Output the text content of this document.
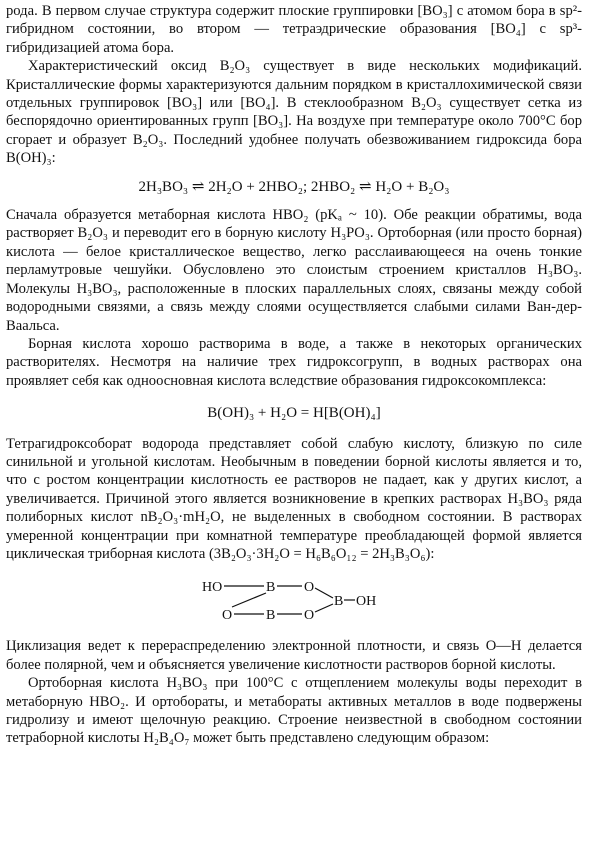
рода. В первом случае структура содержит плоские группировки [BO₃] с атомом бора в sp²-гибридном состоянии, во втором — тетраэдрические образования [BO₄] с sp³-гибридизацией атома бора.

Характеристический оксид B₂O₃ существует в виде нескольких модификаций. Кристаллические формы характеризуются дальним порядком в кристаллохимической связи отдельных группировок [BO₃] или [BO₄]. В стеклообразном B₂O₃ существует сетка из беспорядочно ориентированных групп [BO₃]. На воздухе при температуре около 700°C бор сгорает и образует B₂O₃. Последний удобнее получать обезвоживанием гидроксида бора B(OH)₃:

2H₃BO₃ ⇌ 2H₂O + 2HBO₂; 2HBO₂ ⇌ H₂O + B₂O₃

Сначала образуется метаборная кислота HBO₂ (pKₐ ~ 10). Обе реакции обратимы, вода растворяет B₂O₃ и переводит его в борную кислоту H₃PO₃. Ортоборная (или просто борная) кислота — белое кристаллическое вещество, легко расслаивающееся на очень тонкие перламутровые чешуйки. Обусловлено это слоистым строением кристаллов H₃BO₃. Молекулы H₃BO₃, расположенные в плоских параллельных слоях, связаны между собой водородными связями, а связь между слоями осуществляется слабыми силами Ван-дер-Ваальса.

Борная кислота хорошо растворима в воде, а также в некоторых органических растворителях. Несмотря на наличие трех гидроксогрупп, в водных растворах она проявляет себя как одноосновная кислота вследствие образования гидроксокомплекса:

B(OH)₃ + H₂O = H[B(OH)₄]

Тетрагидроксоборат водорода представляет собой слабую кислоту, близкую по силе синильной и угольной кислотам. Необычным в поведении борной кислоты является и то, что с ростом концентрации кислотность ее растворов не падает, как у других кислот, а увеличивается. Причиной этого является возникновение в крепких растворах H₃BO₃ ряда полиборных кислот nB₂O₃·mH₂O, не выделенных в свободном состоянии. В растворах умеренной концентрации при комнатной температуре преобладающей формой является циклическая триборная кислота (3B₂O₃·3H₂O = H₆B₆O₁₂ = 2H₃B₃O₆):

HO
O
B
B
O
O
B OH

Циклизация ведет к перераспределению электронной плотности, и связь O—H делается более полярной, чем и объясняется увеличение кислотности растворов борной кислоты.

Ортоборная кислота H₃BO₃ при 100°C с отщеплением молекулы воды переходит в метаборную HBO₂. И ортобораты, и метабораты активных металлов в воде подвержены гидролизу и имеют щелочную реакцию. Строение неизвестной в свободном состоянии тетраборной кислоты H₂B₄O₇ может быть представлено следующим образом:
